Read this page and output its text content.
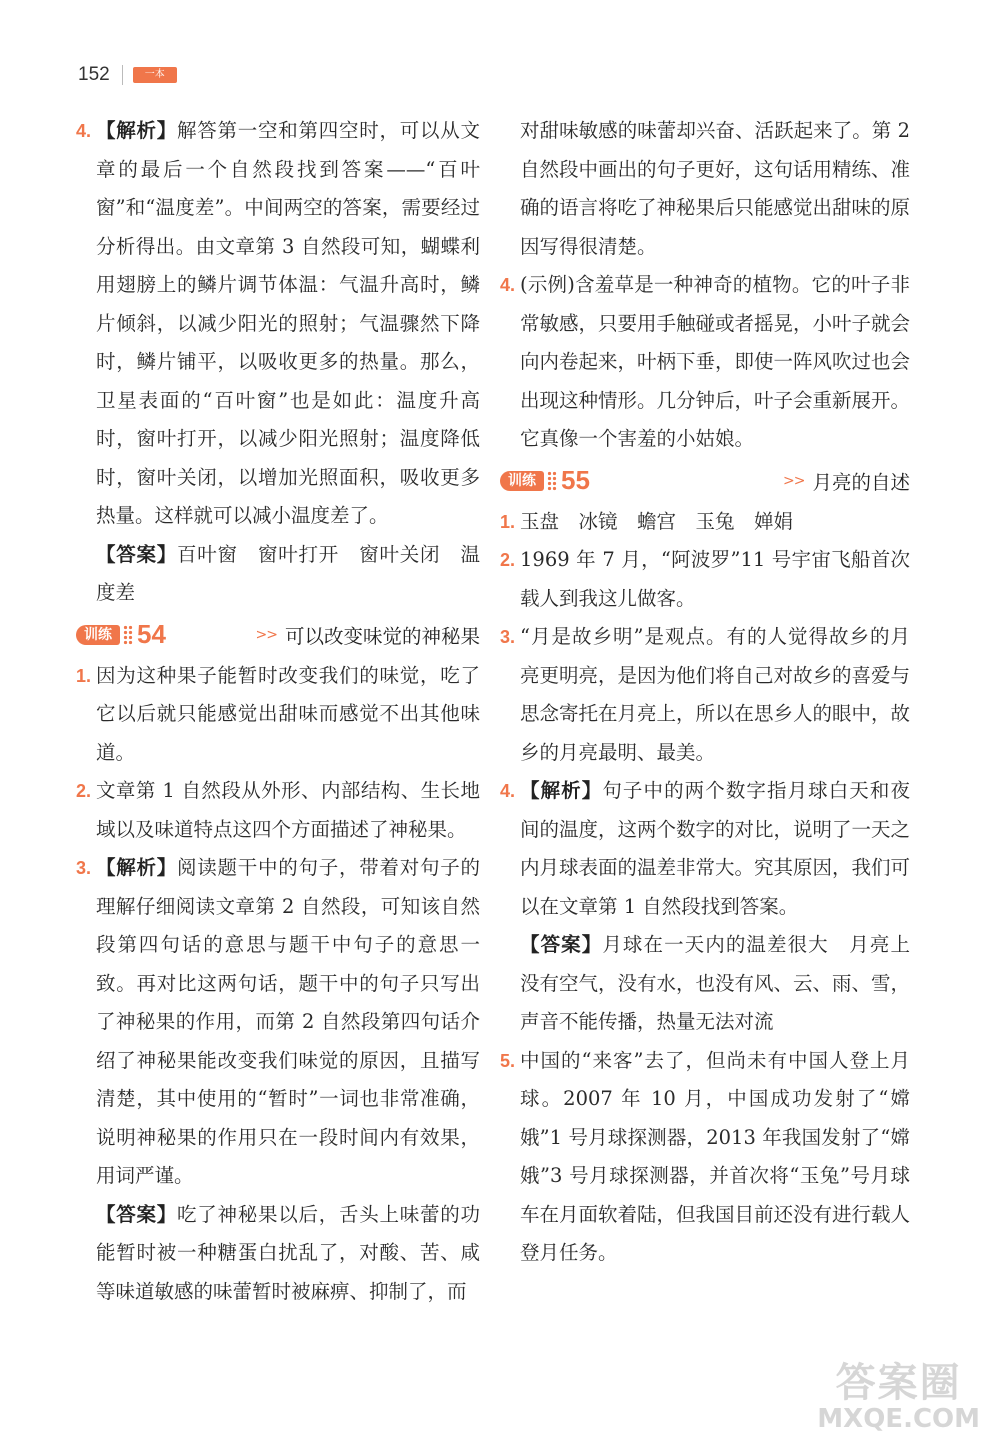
152	一本
4. 【解析】解答第一空和第四空时，可以从文章的最后一个自然段找到答案——“百叶窗”和“温度差”。中间两空的答案，需要经过分析得出。由文章第 3 自然段可知，蝴蝶利用翅膀上的鳞片调节体温：气温升高时，鳞片倾斜，以减少阳光的照射；气温骤然下降时，鳞片铺平，以吸收更多的热量。那么，卫星表面的“百叶窗”也是如此：温度升高时，窗叶打开，以减少阳光照射；温度降低时，窗叶关闭，以增加光照面积，吸收更多热量。这样就可以减小温度差了。
【答案】百叶窗　窗叶打开　窗叶关闭　温度差
训练 54	>> 可以改变味觉的神秘果
1. 因为这种果子能暂时改变我们的味觉，吃了它以后就只能感觉出甜味而感觉不出其他味道。
2. 文章第 1 自然段从外形、内部结构、生长地域以及味道特点这四个方面描述了神秘果。
3. 【解析】阅读题干中的句子，带着对句子的理解仔细阅读文章第 2 自然段，可知该自然段第四句话的意思与题干中句子的意思一致。再对比这两句话，题干中的句子只写出了神秘果的作用，而第 2 自然段第四句话介绍了神秘果能改变我们味觉的原因，且描写清楚，其中使用的“暂时”一词也非常准确，说明神秘果的作用只在一段时间内有效果，用词严谨。
【答案】吃了神秘果以后，舌头上味蕾的功能暂时被一种糖蛋白扰乱了，对酸、苦、咸等味道敏感的味蕾暂时被麻痹、抑制了，而
对甜味敏感的味蕾却兴奋、活跃起来了。第 2 自然段中画出的句子更好，这句话用精练、准确的语言将吃了神秘果后只能感觉出甜味的原因写得很清楚。
4. (示例)含羞草是一种神奇的植物。它的叶子非常敏感，只要用手触碰或者摇晃，小叶子就会向内卷起来，叶柄下垂，即使一阵风吹过也会出现这种情形。几分钟后，叶子会重新展开。它真像一个害羞的小姑娘。
训练 55	>> 月亮的自述
1. 玉盘　冰镜　蟾宫　玉兔　婵娟
2. 1969 年 7 月，“阿波罗”11 号宇宙飞船首次载人到我这儿做客。
3. “月是故乡明”是观点。有的人觉得故乡的月亮更明亮，是因为他们将自己对故乡的喜爱与思念寄托在月亮上，所以在思乡人的眼中，故乡的月亮最明、最美。
4. 【解析】句子中的两个数字指月球白天和夜间的温度，这两个数字的对比，说明了一天之内月球表面的温差非常大。究其原因，我们可以在文章第 1 自然段找到答案。
【答案】月球在一天内的温差很大　月亮上没有空气，没有水，也没有风、云、雨、雪，声音不能传播，热量无法对流
5. 中国的“来客”去了，但尚未有中国人登上月球。2007 年 10 月，中国成功发射了“嫦娥”1 号月球探测器，2013 年我国发射了“嫦娥”3 号月球探测器，并首次将“玉兔”号月球车在月面软着陆，但我国目前还没有进行载人登月任务。
答案圈
MXQE.COM
